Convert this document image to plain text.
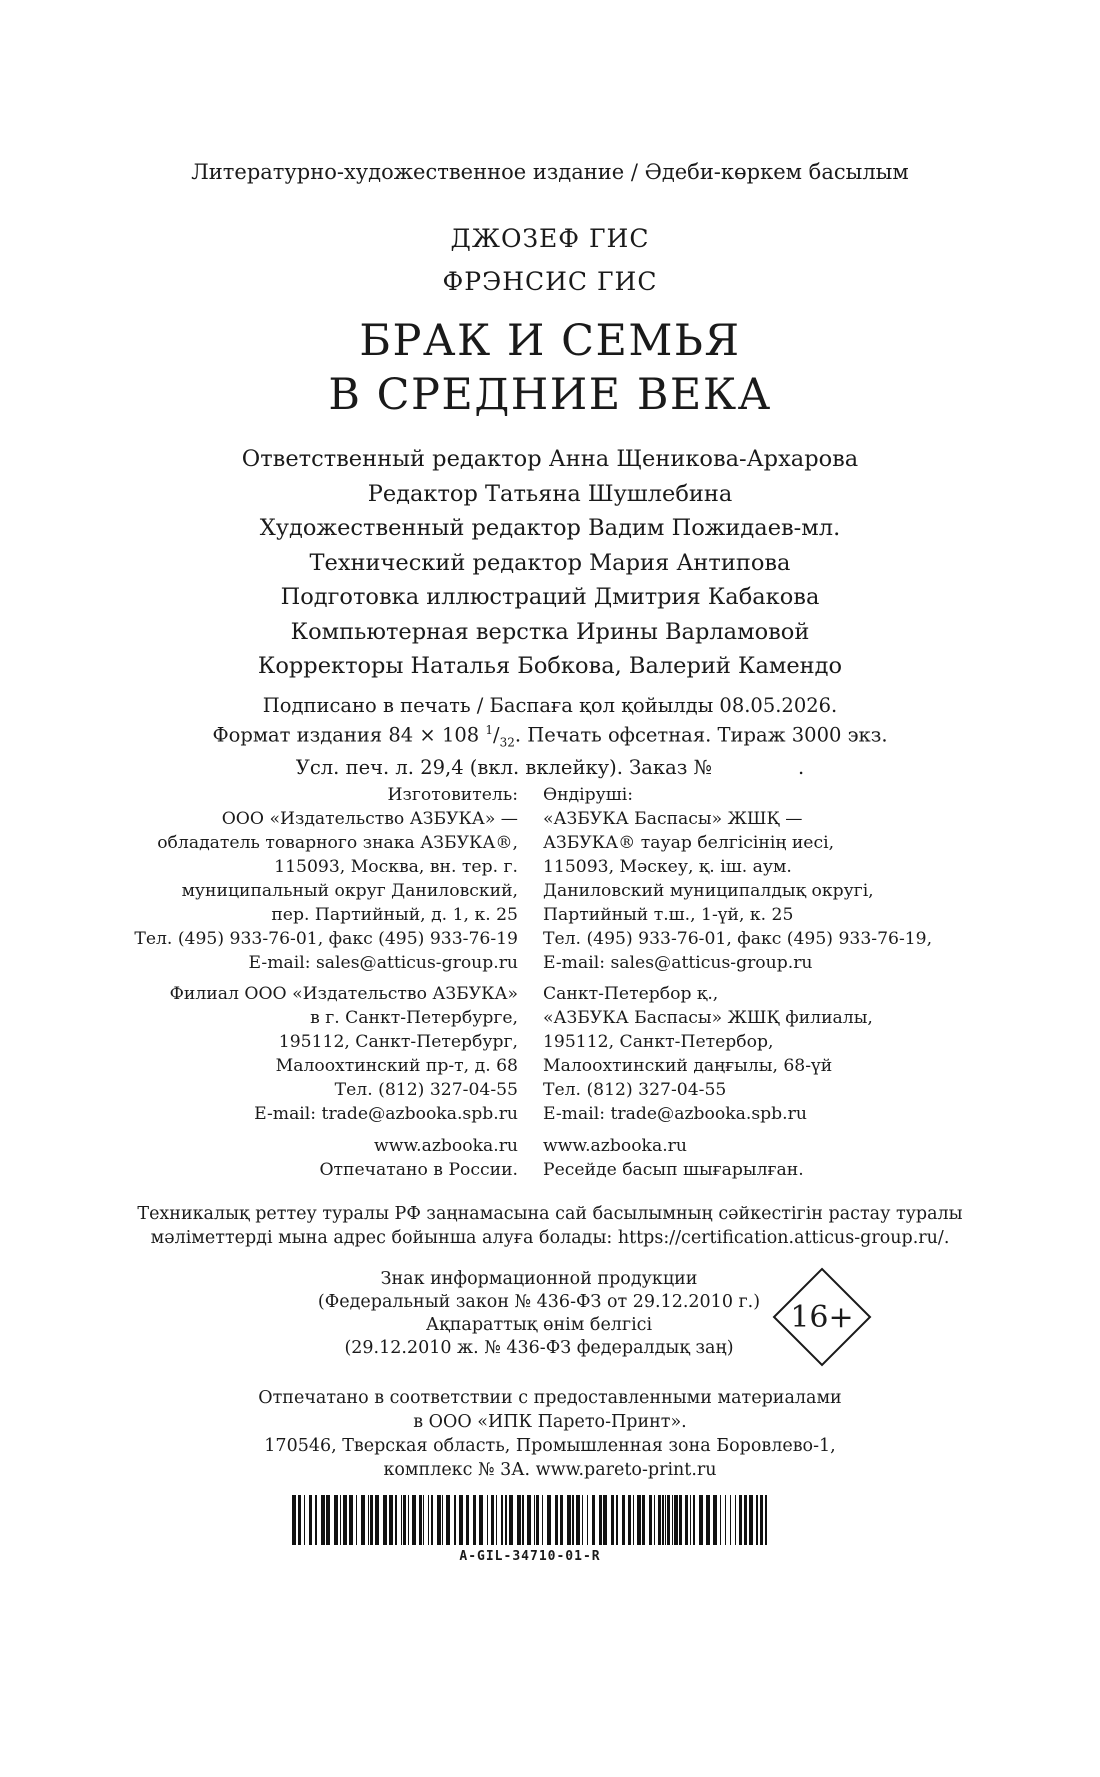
Литературно-художественное издание / Әдеби-көркем басылым
ДЖОЗЕФ ГИС
ФРЭНСИС ГИС
БРАК И СЕМЬЯ
В СРЕДНИЕ ВЕКА
Ответственный редактор Анна Щеникова-Архарова
Редактор Татьяна Шушлебина
Художественный редактор Вадим Пожидаев-мл.
Технический редактор Мария Антипова
Подготовка иллюстраций Дмитрия Кабакова
Компьютерная верстка Ирины Варламовой
Корректоры Наталья Бобкова, Валерий Камендо
Подписано в печать / Баспаға қол қойылды 08.05.2026.
Формат издания 84 × 108 $^1/_{32}$. Печать офсетная. Тираж 3000 экз.
Усл. печ. л. 29,4 (вкл. вклейку). Заказ №	.
Изготовитель:
ООО «Издательство АЗБУКА» —
обладатель товарного знака АЗБУКА®,
115093, Москва, вн. тер. г.
муниципальный округ Даниловский,
пер. Партийный, д. 1, к. 25
Тел. (495) 933-76-01, факс (495) 933-76-19
E-mail: sales@atticus-group.ru
Филиал ООО «Издательство АЗБУКА»
в г. Санкт-Петербурге,
195112, Санкт-Петербург,
Малоохтинский пр-т, д. 68
Тел. (812) 327-04-55
E-mail: trade@azbooka.spb.ru
www.azbooka.ru
Отпечатано в России.
Өндіруші:
«АЗБУКА Баспасы» ЖШҚ —
АЗБУКА® тауар белгісінің иесі,
115093, Мәскеу, қ. іш. аум.
Даниловский муниципалдық округі,
Партийный т.ш., 1-үй, к. 25
Тел. (495) 933-76-01, факс (495) 933-76-19,
E-mail: sales@atticus-group.ru
Санкт-Петербор қ.,
«АЗБУКА Баспасы» ЖШҚ филиалы,
195112, Санкт-Петербор,
Малоохтинский даңғылы, 68-үй
Тел. (812) 327-04-55
E-mail: trade@azbooka.spb.ru
www.azbooka.ru
Ресейде басып шығарылған.
Техникалық реттеу туралы РФ заңнамасына сай басылымның сәйкестігін растау туралы
мәліметтерді мына адрес бойынша алуға болады: https://certification.atticus-group.ru/.
Знак информационной продукции
(Федеральный закон № 436-ФЗ от 29.12.2010 г.)
Ақпараттық өнім белгісі
(29.12.2010 ж. № 436-ФЗ федералдық заң)
16+
Отпечатано в соответствии с предоставленными материалами
в ООО «ИПК Парето-Принт».
170546, Тверская область, Промышленная зона Боровлево-1,
комплекс № 3А. www.pareto-print.ru
A-GIL-34710-01-R
